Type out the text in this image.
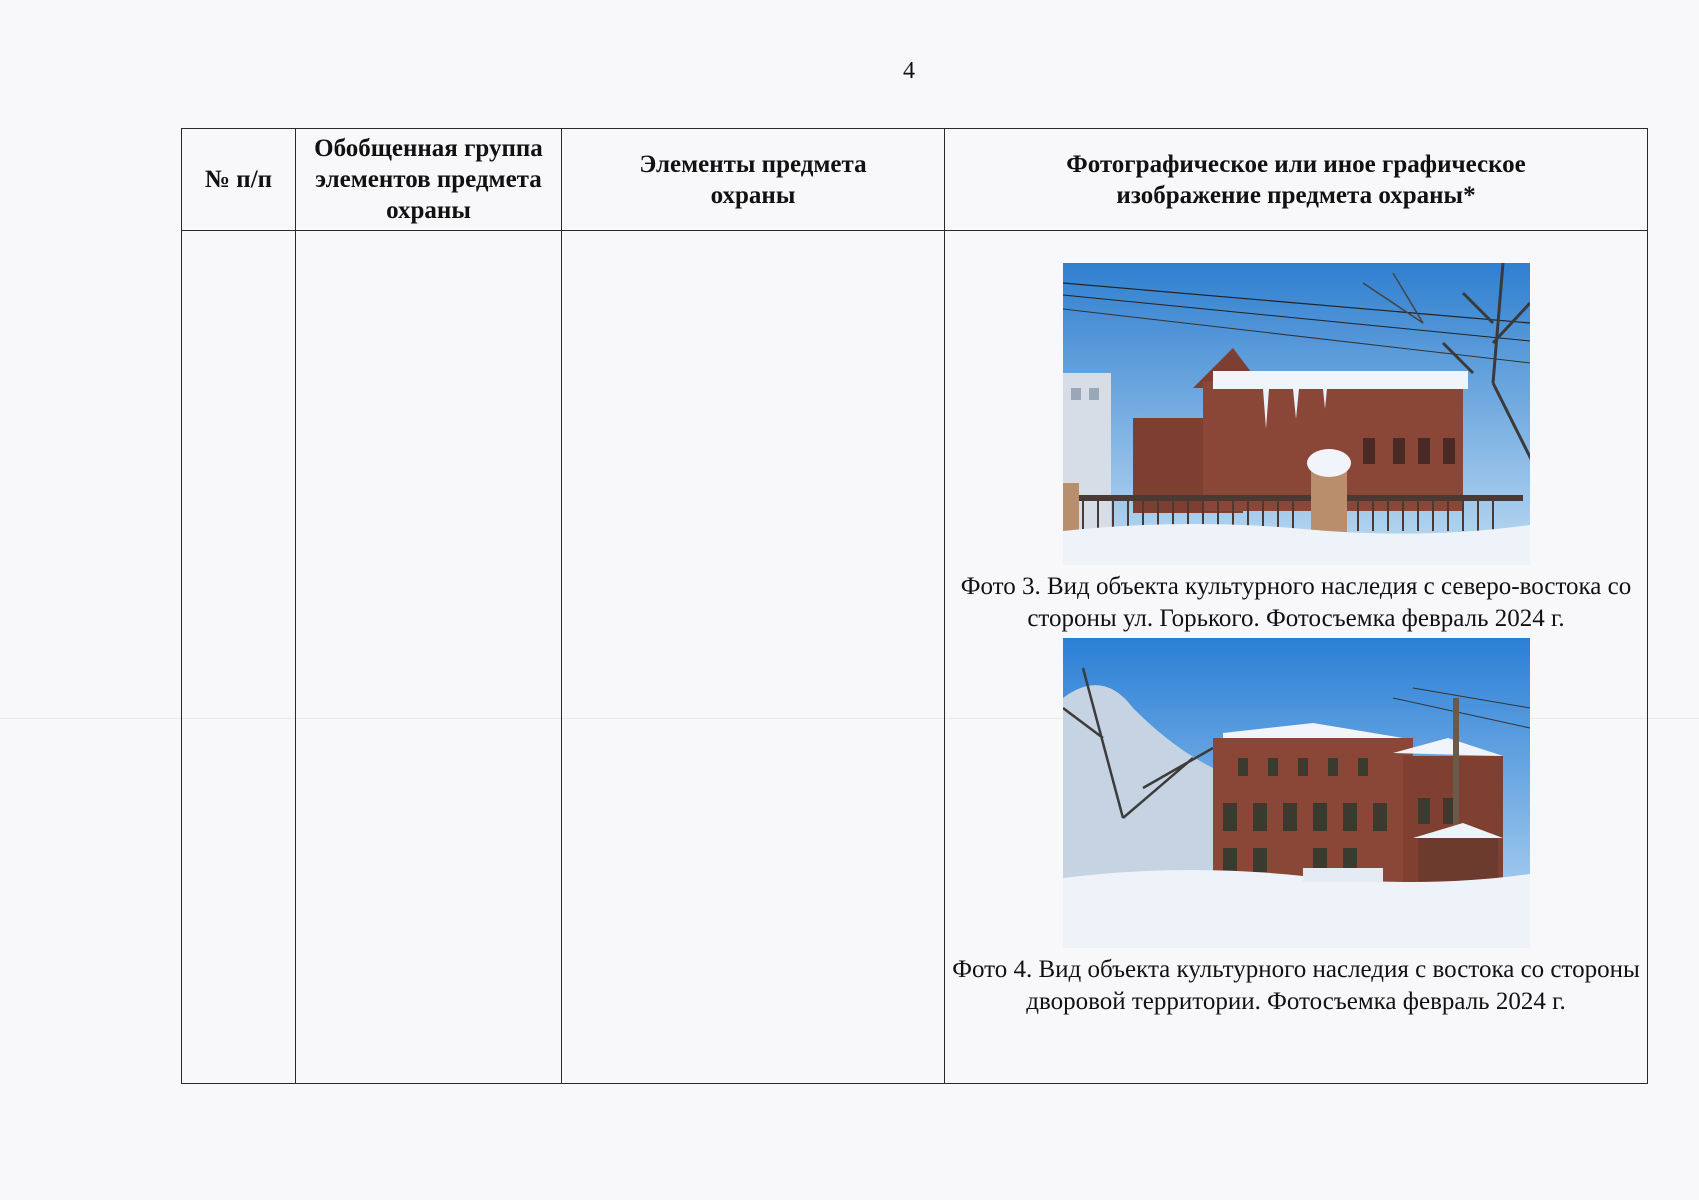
4
№ п/п	Обобщенная группа элементов предмета охраны	Элементы предмета охраны	Фотографическое или иное графическое изображение предмета охраны*

			Фото 3. Вид объекта культурного наследия с северо-востока со стороны ул. Горького. Фотосъемка февраль 2024 г.
Фото 4. Вид объекта культурного наследия с востока со стороны дворовой территории. Фотосъемка февраль 2024 г.
